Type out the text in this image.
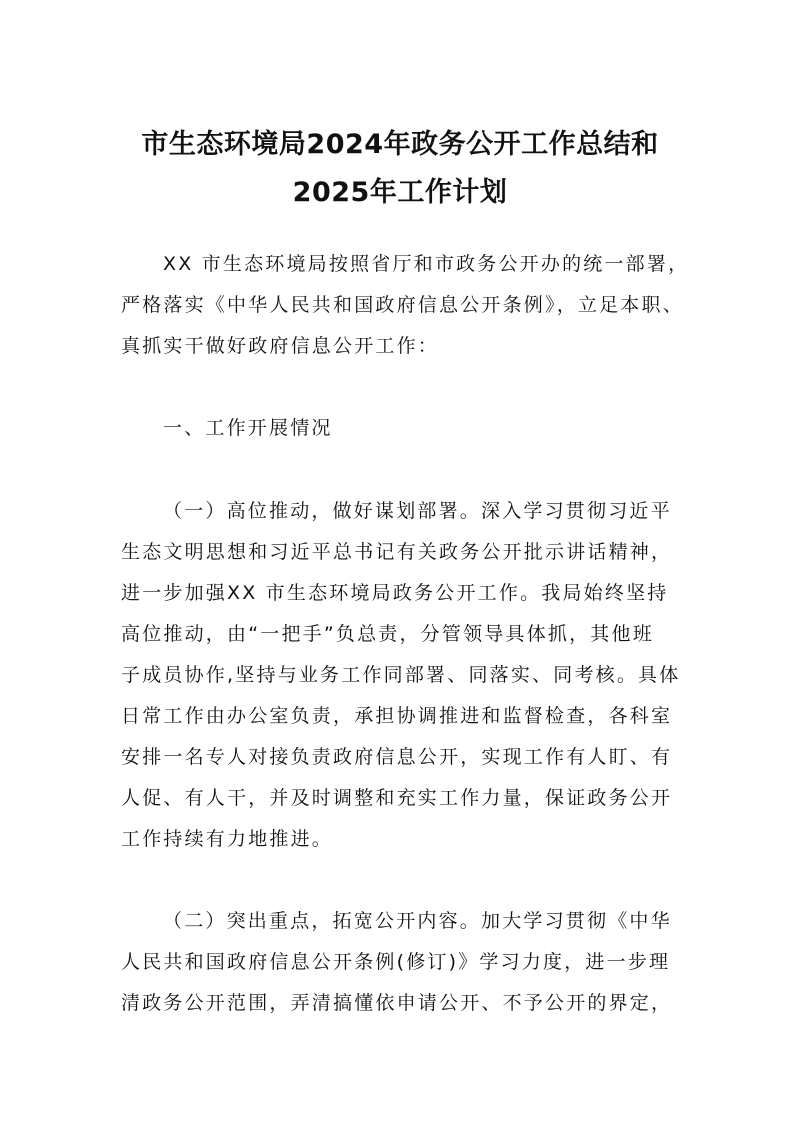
市生态环境局2024年政务公开工作总结和
2025年工作计划
XX 市生态环境局按照省厅和市政务公开办的统一部署，
严格落实《中华人民共和国政府信息公开条例》，立足本职、
真抓实干做好政府信息公开工作：
一、工作开展情况
（一）高位推动，做好谋划部署。深入学习贯彻习近平
生态文明思想和习近平总书记有关政务公开批示讲话精神，
进一步加强XX 市生态环境局政务公开工作。我局始终坚持
高位推动，由“一把手”负总责，分管领导具体抓，其他班
子成员协作,坚持与业务工作同部署、同落实、同考核。具体
日常工作由办公室负责，承担协调推进和监督检查，各科室
安排一名专人对接负责政府信息公开，实现工作有人盯、有
人促、有人干，并及时调整和充实工作力量，保证政务公开
工作持续有力地推进。
（二）突出重点，拓宽公开内容。加大学习贯彻《中华
人民共和国政府信息公开条例(修订)》学习力度，进一步理
清政务公开范围，弄清搞懂依申请公开、不予公开的界定，
